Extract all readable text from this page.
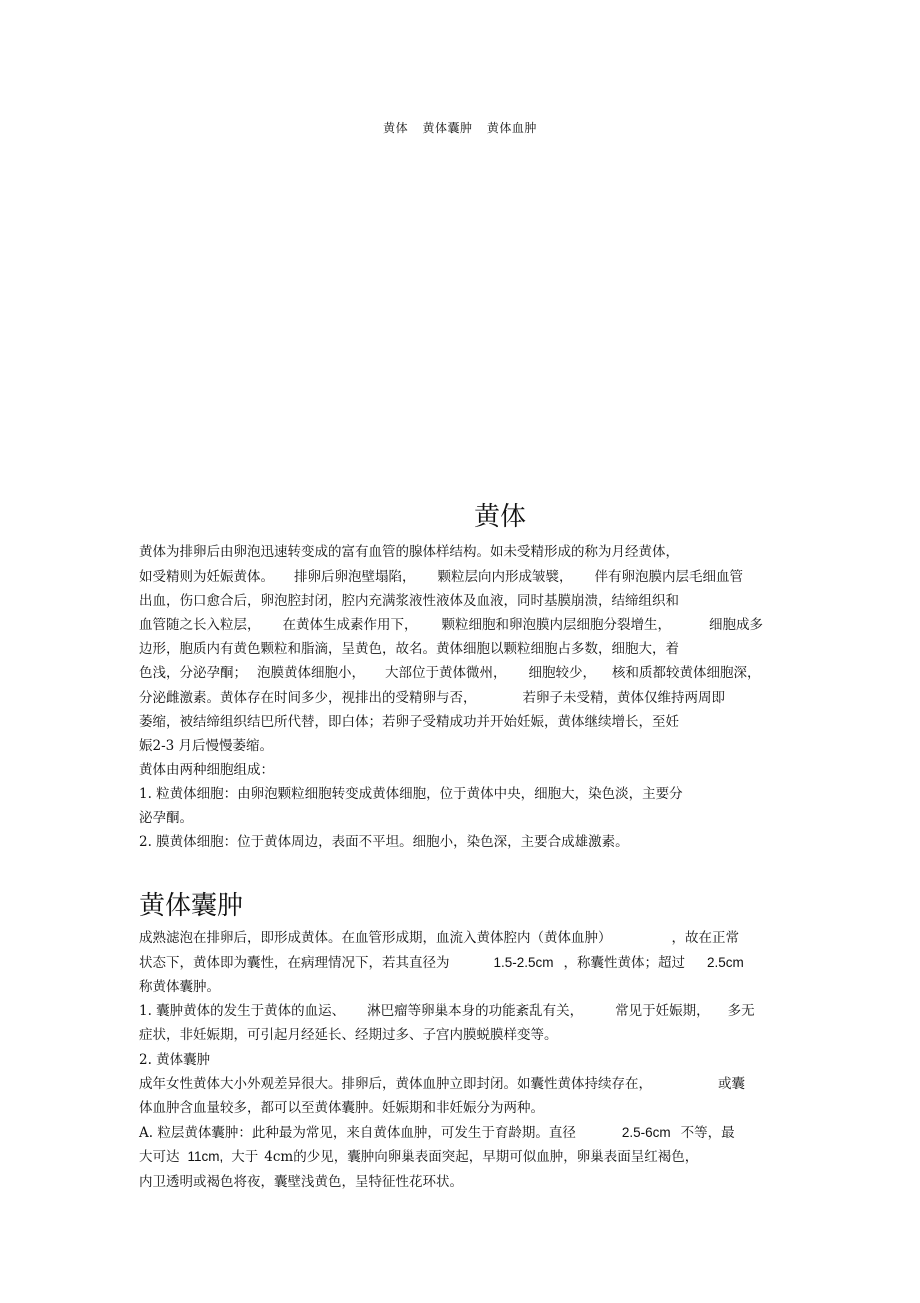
黄体 黄体囊肿 黄体血肿
黄体
黄体为排卵后由卵泡迅速转变成的富有血管的腺体样结构。如未受精形成的称为月经黄体，
如受精则为妊娠黄体。 排卵后卵泡壁塌陷， 颗粒层向内形成皱襞， 伴有卵泡膜内层毛细血管
出血，伤口愈合后，卵泡腔封闭，腔内充满浆液性液体及血液，同时基膜崩溃，结缔组织和
血管随之长入粒层， 在黄体生成素作用下， 颗粒细胞和卵泡膜内层细胞分裂增生，	细胞成多
边形，胞质内有黄色颗粒和脂滴，呈黄色，故名。黄体细胞以颗粒细胞占多数，细胞大，着
色浅，分泌孕酮； 泡膜黄体细胞小， 大部位于黄体微州， 细胞较少， 核和质都较黄体细胞深，
分泌雌激素。黄体存在时间多少，视排出的受精卵与否，	若卵子未受精，黄体仅维持两周即
萎缩，被结缔组织结巴所代替，即白体；若卵子受精成功并开始妊娠，黄体继续增长，至妊
娠2-3 月后慢慢萎缩。
黄体由两种细胞组成：
1. 粒黄体细胞：由卵泡颗粒细胞转变成黄体细胞，位于黄体中央，细胞大，染色淡，主要分
泌孕酮。
2. 膜黄体细胞：位于黄体周边，表面不平坦。细胞小，染色深，主要合成雄激素。
黄体囊肿
成熟滤泡在排卵后，即形成黄体。在血管形成期，血流入黄体腔内（黄体血肿）	，故在正常
状态下，黄体即为囊性，在病理情况下，若其直径为	1.5-2.5cm ，称囊性黄体；超过 2.5cm
称黄体囊肿。
1. 囊肿黄体的发生于黄体的血运、 淋巴瘤等卵巢本身的功能紊乱有关， 常见于妊娠期， 多无
症状，非妊娠期，可引起月经延长、经期过多、子宫内膜蜕膜样变等。
2. 黄体囊肿
成年女性黄体大小外观差异很大。排卵后，黄体血肿立即封闭。如囊性黄体持续存在，	或囊
体血肿含血量较多，都可以至黄体囊肿。妊娠期和非妊娠分为两种。
A. 粒层黄体囊肿：此种最为常见，来自黄体血肿，可发生于育龄期。直径	2.5-6cm 不等，最
大可达 11cm, 大于 4cm的少见，囊肿向卵巢表面突起，早期可似血肿，卵巢表面呈红褐色，
内卫透明或褐色将夜，囊壁浅黄色，呈特征性花环状。
